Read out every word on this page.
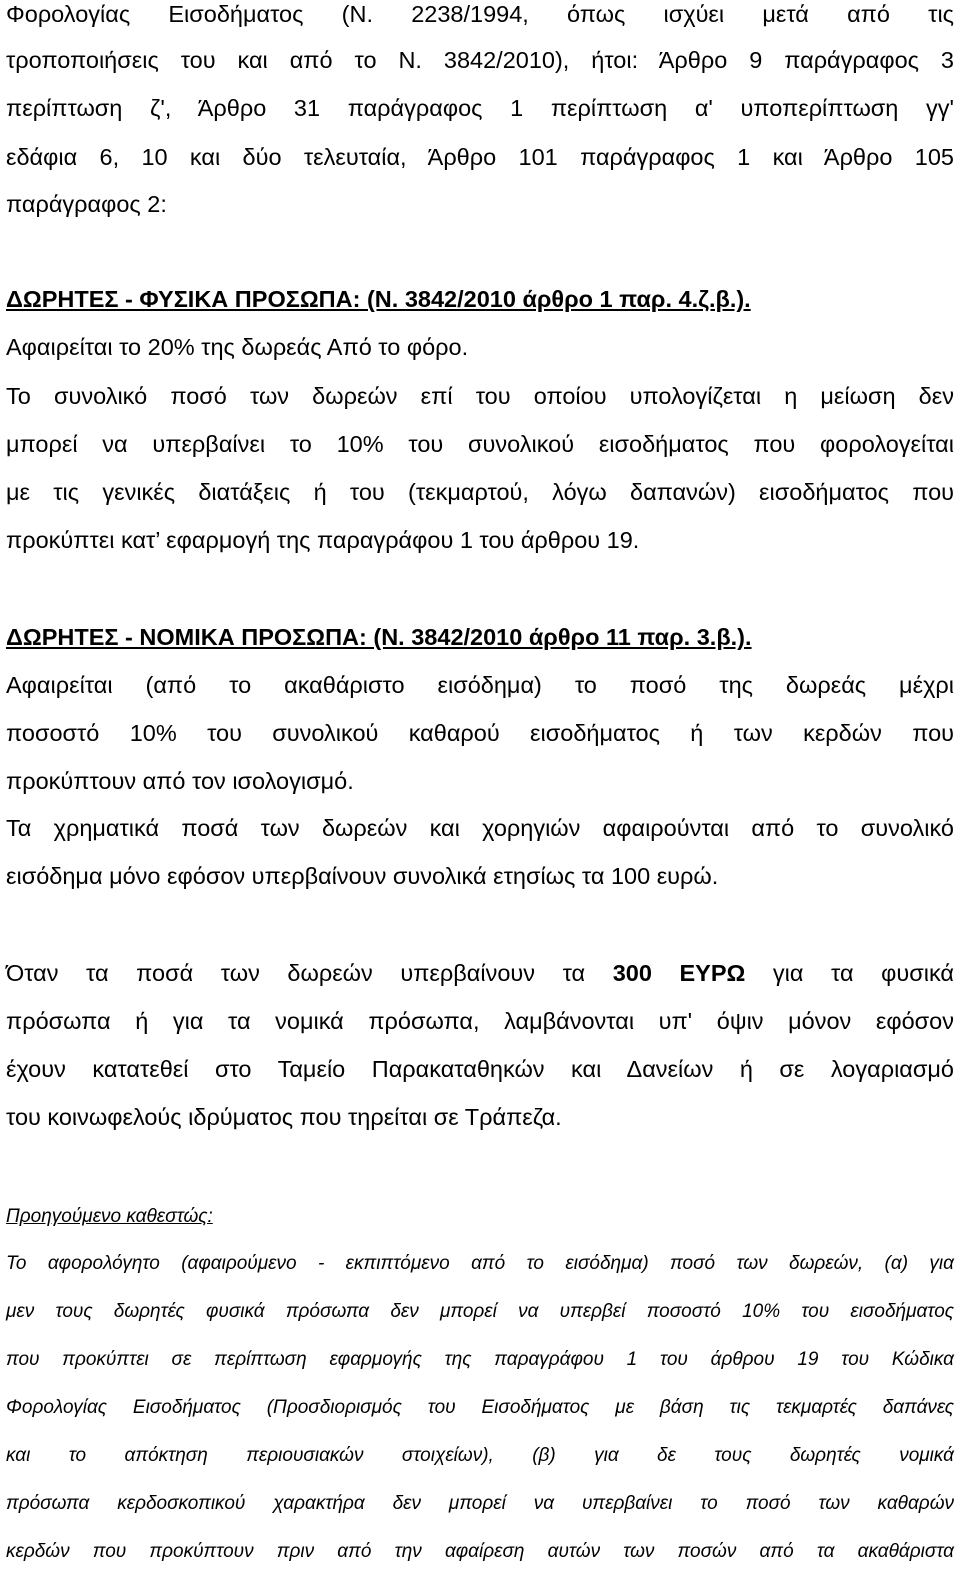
Φορολογίας Εισοδήματος (Ν. 2238/1994, όπως ισχύει μετά από τις
τροποποιήσεις του και από το Ν. 3842/2010), ήτοι: Άρθρο 9 παράγραφος 3
περίπτωση ζ', Άρθρο 31 παράγραφος 1 περίπτωση α' υποπερίπτωση γγ'
εδάφια 6, 10 και δύο τελευταία, Άρθρο 101 παράγραφος 1 και Άρθρο 105
παράγραφος 2:
ΔΩΡΗΤΕΣ - ΦΥΣΙΚΑ ΠΡΟΣΩΠΑ: (Ν. 3842/2010 άρθρο 1 παρ. 4.ζ.β.).
Αφαιρείται το 20% της δωρεάς Από το φόρο.
Το συνολικό ποσό των δωρεών επί του οποίου υπολογίζεται η μείωση δεν
μπορεί να υπερβαίνει το 10% του συνολικού εισοδήματος που φορολογείται
με τις γενικές διατάξεις ή του (τεκμαρτού, λόγω δαπανών) εισοδήματος που
προκύπτει κατ’ εφαρμογή της παραγράφου 1 του άρθρου 19.
ΔΩΡΗΤΕΣ - ΝΟΜΙΚΑ ΠΡΟΣΩΠΑ: (Ν. 3842/2010 άρθρο 11 παρ. 3.β.).
Αφαιρείται (από το ακαθάριστο εισόδημα) το ποσό της δωρεάς μέχρι
ποσοστό 10% του συνολικού καθαρού εισοδήματος ή των κερδών που
προκύπτουν από τον ισολογισμό.
Τα χρηματικά ποσά των δωρεών και χορηγιών αφαιρούνται από το συνολικό
εισόδημα μόνο εφόσον υπερβαίνουν συνολικά ετησίως τα 100 ευρώ.
Όταν τα ποσά των δωρεών υπερβαίνουν τα 300 ΕΥΡΩ για τα φυσικά
πρόσωπα ή για τα νομικά πρόσωπα, λαμβάνονται υπ' όψιν μόνον εφόσον
έχουν κατατεθεί στο Ταμείο Παρακαταθηκών και Δανείων ή σε λογαριασμό
του κοινωφελούς ιδρύματος που τηρείται σε Τράπεζα.
Προηγούμενο καθεστώς:
Το αφορολόγητο (αφαιρούμενο - εκπιπτόμενο από το εισόδημα) ποσό των δωρεών, (α) για
μεν τους δωρητές φυσικά πρόσωπα δεν μπορεί να υπερβεί ποσοστό 10% του εισοδήματος
που προκύπτει σε περίπτωση εφαρμογής της παραγράφου 1 του άρθρου 19 του Κώδικα
Φορολογίας Εισοδήματος (Προσδιορισμός του Εισοδήματος με βάση τις τεκμαρτές δαπάνες
και το απόκτηση περιουσιακών στοιχείων), (β) για δε τους δωρητές νομικά
πρόσωπα κερδοσκοπικού χαρακτήρα δεν μπορεί να υπερβαίνει το ποσό των καθαρών
κερδών που προκύπτουν πριν από την αφαίρεση αυτών των ποσών από τα ακαθάριστα
